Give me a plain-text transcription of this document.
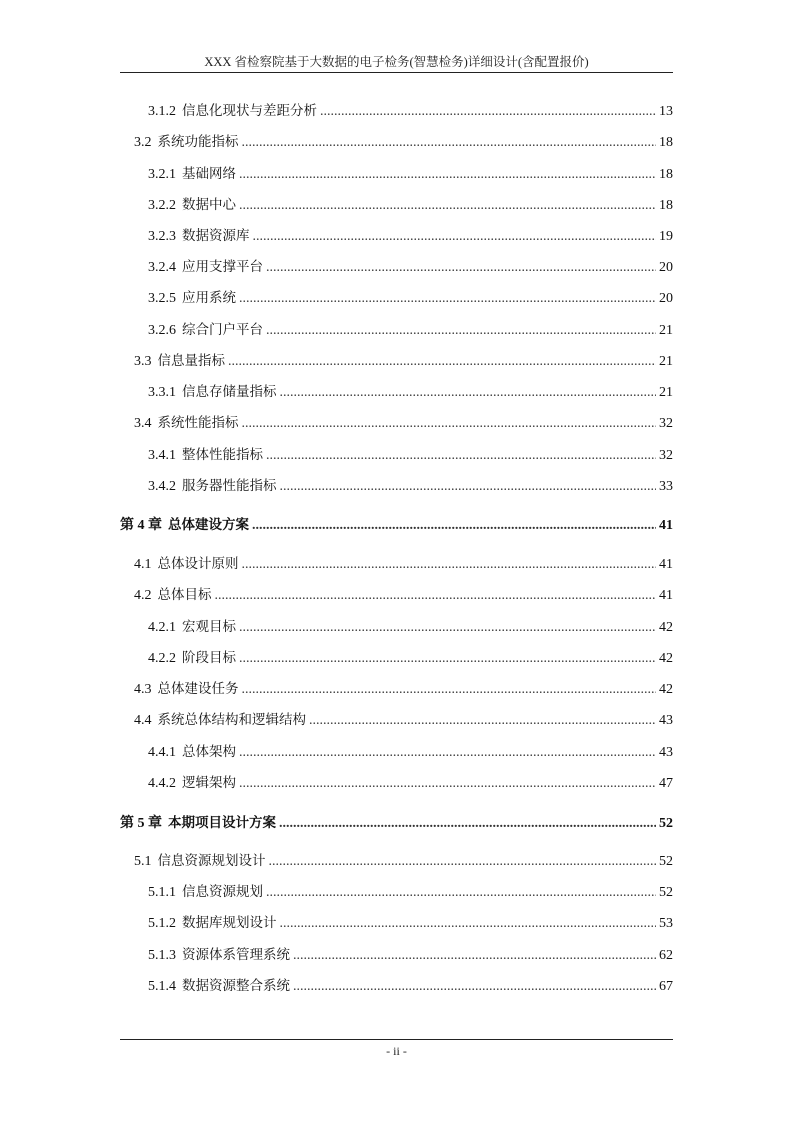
XXX 省检察院基于大数据的电子检务(智慧检务)详细设计(含配置报价)
3.1.2 信息化现状与差距分析 .....	13
3.2 系统功能指标 .....	18
3.2.1 基础网络 .....	18
3.2.2 数据中心 .....	18
3.2.3 数据资源库 .....	19
3.2.4 应用支撑平台 .....	20
3.2.5 应用系统 .....	20
3.2.6 综合门户平台 .....	21
3.3 信息量指标 .....	21
3.3.1 信息存储量指标 .....	21
3.4 系统性能指标 .....	32
3.4.1 整体性能指标 .....	32
3.4.2 服务器性能指标 .....	33
第 4 章 总体建设方案 .....	41
4.1 总体设计原则 .....	41
4.2 总体目标 .....	41
4.2.1 宏观目标 .....	42
4.2.2 阶段目标 .....	42
4.3 总体建设任务 .....	42
4.4 系统总体结构和逻辑结构 .....	43
4.4.1 总体架构 .....	43
4.4.2 逻辑架构 .....	47
第 5 章 本期项目设计方案 .....	52
5.1 信息资源规划设计 .....	52
5.1.1 信息资源规划 .....	52
5.1.2 数据库规划设计 .....	53
5.1.3 资源体系管理系统 .....	62
5.1.4 数据资源整合系统 .....	67
- ii -
